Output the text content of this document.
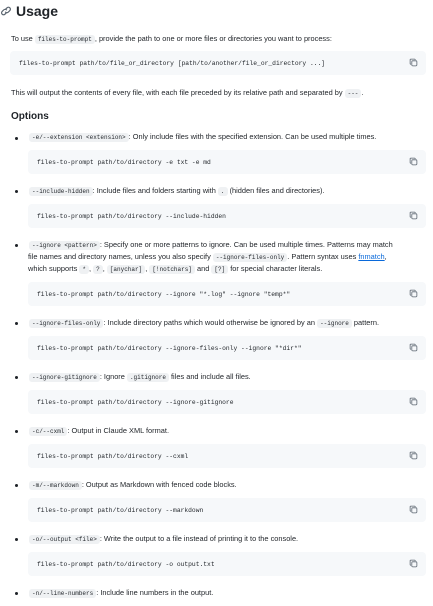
Usage
To use files-to-prompt , provide the path to one or more files or directories you want to process:
files-to-prompt path/to/file_or_directory [path/to/another/file_or_directory ...]
This will output the contents of every file, with each file preceded by its relative path and separated by --- .
Options
-e/--extension <extension> : Only include files with the specified extension. Can be used multiple times.
files-to-prompt path/to/directory -e txt -e md
--include-hidden : Include files and folders starting with . (hidden files and directories).
files-to-prompt path/to/directory --include-hidden
--ignore <pattern> : Specify one or more patterns to ignore. Can be used multiple times. Patterns may match
file names and directory names, unless you also specify --ignore-files-only . Pattern syntax uses fnmatch,
which supports * , ? , [anychar] , [!notchars] and [?] for special character literals.
files-to-prompt path/to/directory --ignore "*.log" --ignore "temp*"
--ignore-files-only : Include directory paths which would otherwise be ignored by an --ignore pattern.
files-to-prompt path/to/directory --ignore-files-only --ignore "*dir*"
--ignore-gitignore : Ignore .gitignore files and include all files.
files-to-prompt path/to/directory --ignore-gitignore
-c/--cxml : Output in Claude XML format.
files-to-prompt path/to/directory --cxml
-m/--markdown : Output as Markdown with fenced code blocks.
files-to-prompt path/to/directory --markdown
-o/--output <file> : Write the output to a file instead of printing it to the console.
files-to-prompt path/to/directory -o output.txt
-n/--line-numbers : Include line numbers in the output.
